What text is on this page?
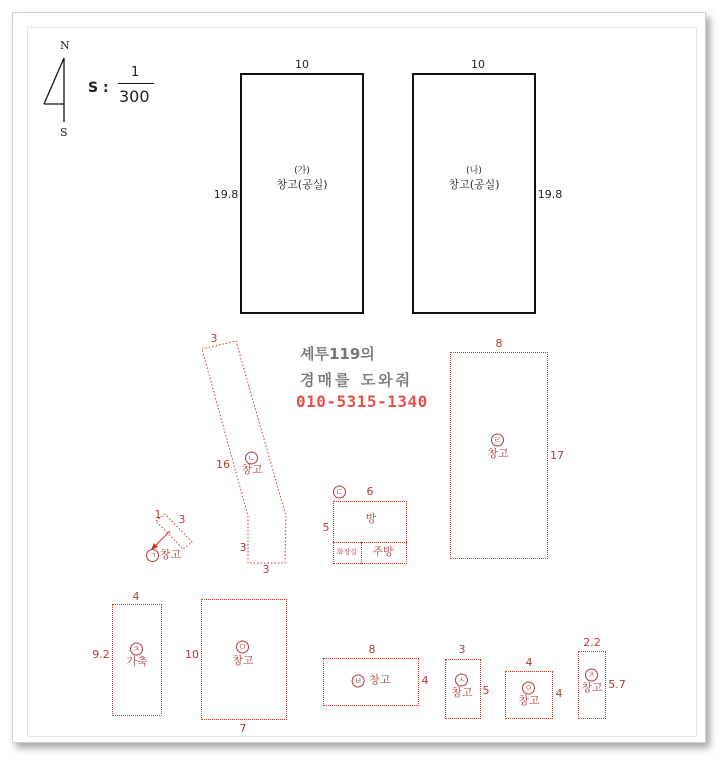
N
S
S :
1
300
10
19.8
(가)
창고(공실)
10
19.8
(나)
창고(공실)
셰투119의
경매를 도와줘
010-5315-1340
3
16
3
3
ㄴ
창고
ㄷ	6
5
방
화장실 주방
8
17
ㄹ
창고
1 3
ㄱ 창고
4
9.2	ㅊ
가축
7
10
ㅁ
창고
8
4
ㅂ 창고
3
5
ㅅ
창고
4
4
ㅇ
창고
2.2
5.7
ㅈ
창고
